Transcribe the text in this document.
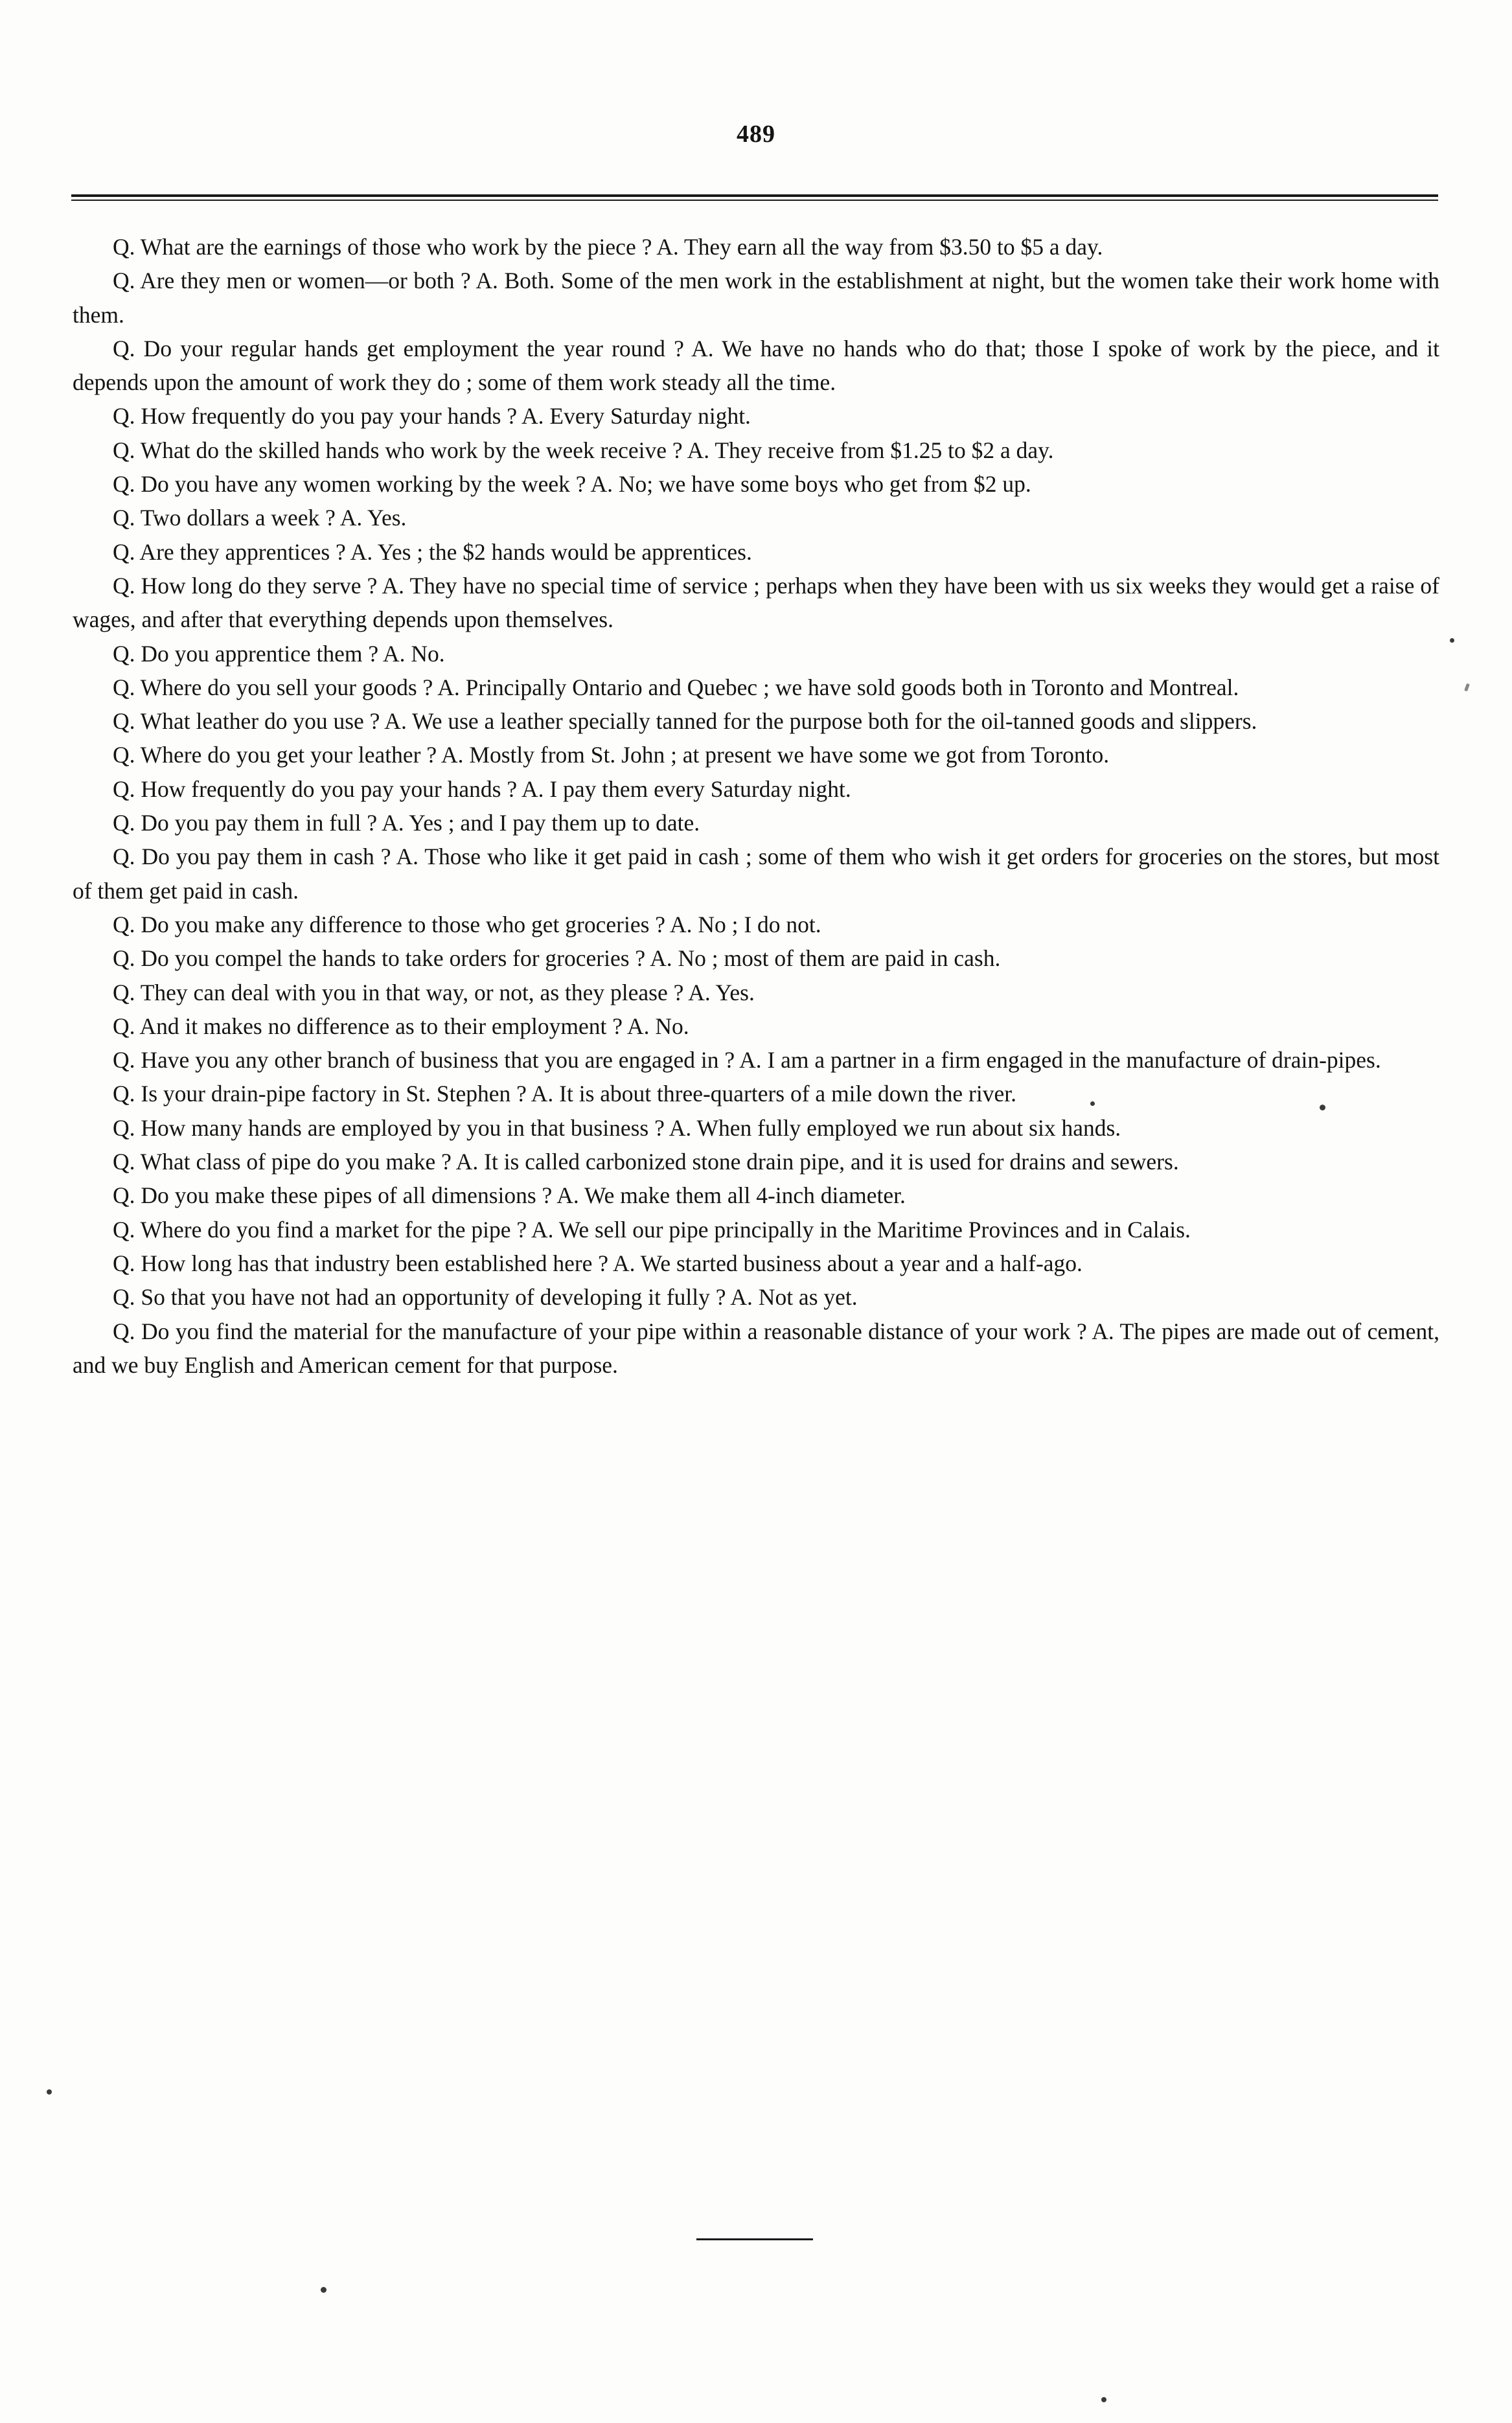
489

Q. What are the earnings of those who work by the piece ? A. They earn all the way from $3.50 to $5 a day.

Q. Are they men or women—or both ? A. Both. Some of the men work in the establishment at night, but the women take their work home with them.

Q. Do your regular hands get employment the year round ? A. We have no hands who do that; those I spoke of work by the piece, and it depends upon the amount of work they do ; some of them work steady all the time.

Q. How frequently do you pay your hands ? A. Every Saturday night.

Q. What do the skilled hands who work by the week receive ? A. They receive from $1.25 to $2 a day.

Q. Do you have any women working by the week ? A. No; we have some boys who get from $2 up.

Q. Two dollars a week ? A. Yes.

Q. Are they apprentices ? A. Yes ; the $2 hands would be apprentices.

Q. How long do they serve ? A. They have no special time of service ; perhaps when they have been with us six weeks they would get a raise of wages, and after that everything depends upon themselves.

Q. Do you apprentice them ? A. No.

Q. Where do you sell your goods ? A. Principally Ontario and Quebec ; we have sold goods both in Toronto and Montreal.

Q. What leather do you use ? A. We use a leather specially tanned for the purpose both for the oil-tanned goods and slippers.

Q. Where do you get your leather ? A. Mostly from St. John ; at present we have some we got from Toronto.

Q. How frequently do you pay your hands ? A. I pay them every Saturday night.

Q. Do you pay them in full ? A. Yes ; and I pay them up to date.

Q. Do you pay them in cash ? A. Those who like it get paid in cash ; some of them who wish it get orders for groceries on the stores, but most of them get paid in cash.

Q. Do you make any difference to those who get groceries ? A. No ; I do not.

Q. Do you compel the hands to take orders for groceries ? A. No ; most of them are paid in cash.

Q. They can deal with you in that way, or not, as they please ? A. Yes.

Q. And it makes no difference as to their employment ? A. No.

Q. Have you any other branch of business that you are engaged in ? A. I am a partner in a firm engaged in the manufacture of drain-pipes.

Q. Is your drain-pipe factory in St. Stephen ? A. It is about three-quarters of a mile down the river.

Q. How many hands are employed by you in that business ? A. When fully employed we run about six hands.

Q. What class of pipe do you make ? A. It is called carbonized stone drain pipe, and it is used for drains and sewers.

Q. Do you make these pipes of all dimensions ? A. We make them all 4-inch diameter.

Q. Where do you find a market for the pipe ? A. We sell our pipe principally in the Maritime Provinces and in Calais.

Q. How long has that industry been established here ? A. We started business about a year and a half-ago.

Q. So that you have not had an opportunity of developing it fully ? A. Not as yet.

Q. Do you find the material for the manufacture of your pipe within a reasonable distance of your work ? A. The pipes are made out of cement, and we buy English and American cement for that purpose.
